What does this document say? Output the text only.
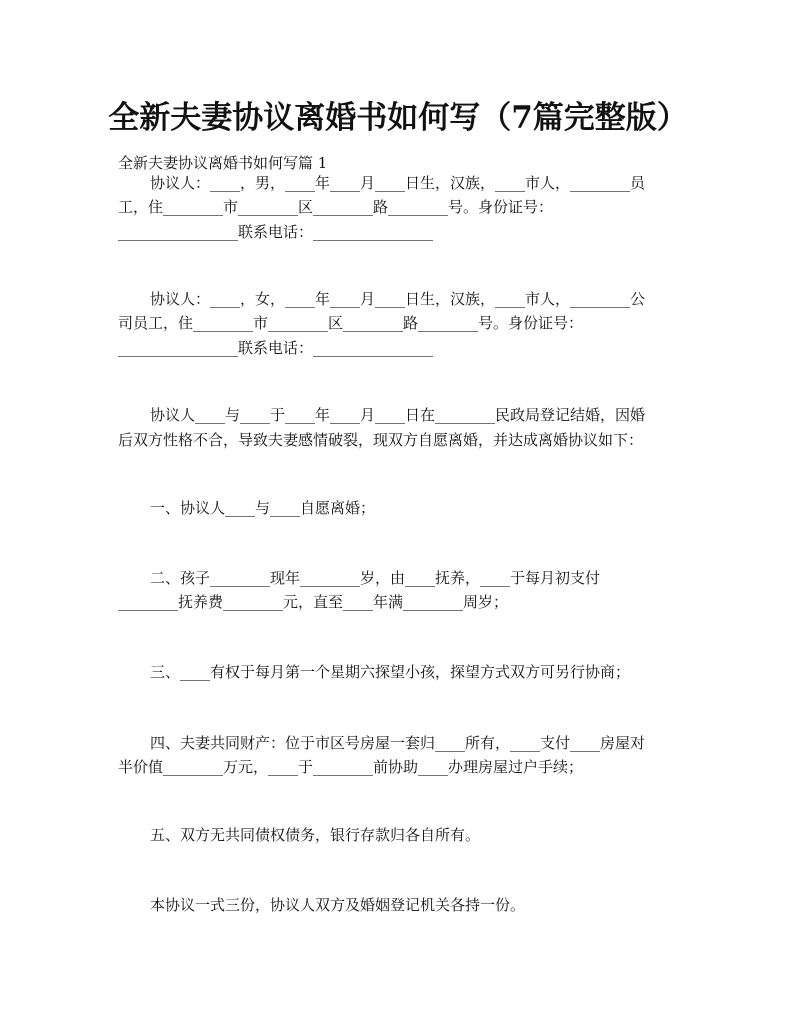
全新夫妻协议离婚书如何写（7篇完整版）
全新夫妻协议离婚书如何写篇 1
协议人：____，男，____年____月____日生，汉族，____市人，________员
工，住________市________区________路________号。身份证号：
________________联系电话：________________
协议人：____，女，____年____月____日生，汉族，____市人，________公
司员工，住________市________区________路________号。身份证号：
________________联系电话：________________
协议人____与____于____年____月____日在________民政局登记结婚，因婚
后双方性格不合，导致夫妻感情破裂，现双方自愿离婚，并达成离婚协议如下：
一、协议人____与____自愿离婚；
二、孩子________现年________岁，由____抚养，____于每月初支付
________抚养费________元，直至____年满________周岁；
三、____有权于每月第一个星期六探望小孩，探望方式双方可另行协商；
四、夫妻共同财产：位于市区号房屋一套归____所有，____支付____房屋对
半价值________万元，____于________前协助____办理房屋过户手续；
五、双方无共同债权债务，银行存款归各自所有。
本协议一式三份，协议人双方及婚姻登记机关各持一份。
